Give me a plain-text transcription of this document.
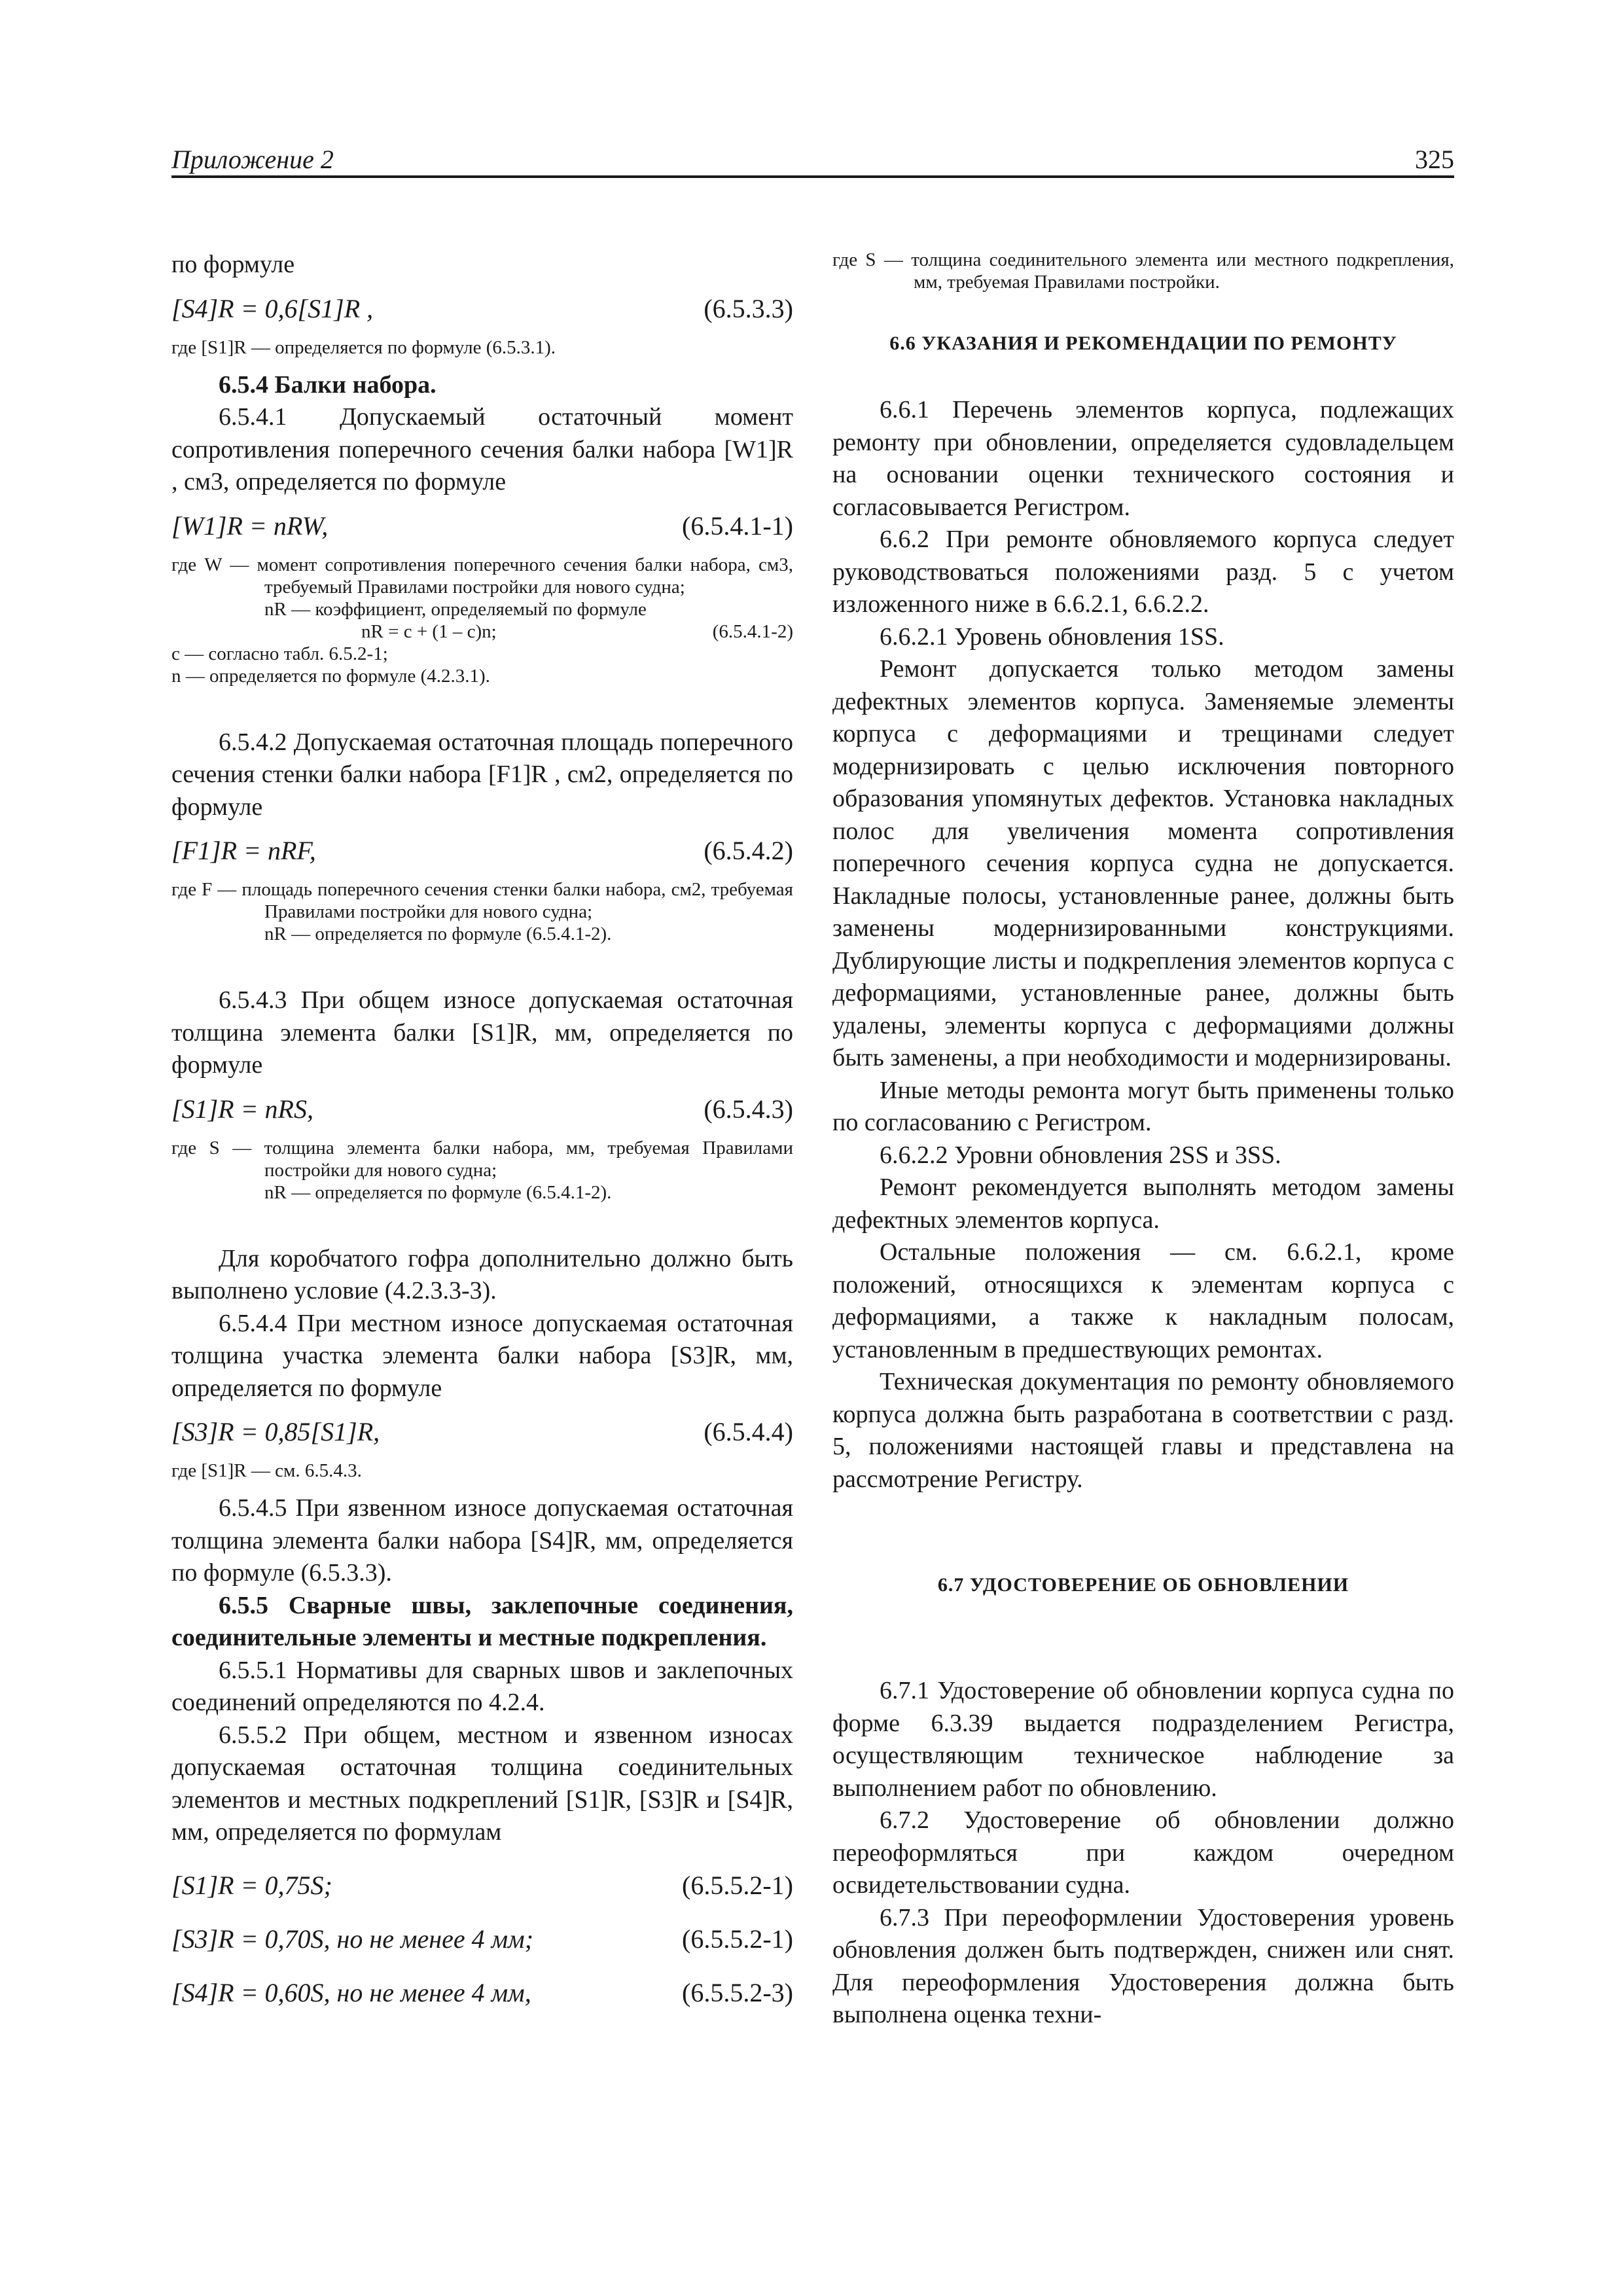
Приложение 2	325

по формуле

[S4]R = 0,6[S1]R ,	(6.5.3.3)

где [S1]R — определяется по формуле (6.5.3.1).

6.5.4 Балки набора.

6.5.4.1 Допускаемый остаточный момент сопротивления поперечного сечения балки набора [W1]R , см3, определяется по формуле

[W1]R = nRW,	(6.5.4.1-1)

где W — момент сопротивления поперечного сечения балки набора, см3, требуемый Правилами постройки для нового судна;

nR — коэффициент, определяемый по формуле

nR = c + (1 – c)n;	(6.5.4.1-2)

c — согласно табл. 6.5.2-1;

n — определяется по формуле (4.2.3.1).

6.5.4.2 Допускаемая остаточная площадь поперечного сечения стенки балки набора [F1]R , см2, определяется по формуле

[F1]R = nRF,	(6.5.4.2)

где F — площадь поперечного сечения стенки балки набора, см2, требуемая Правилами постройки для нового судна;

nR — определяется по формуле (6.5.4.1-2).

6.5.4.3 При общем износе допускаемая остаточная толщина элемента балки [S1]R, мм, определяется по формуле

[S1]R = nRS,	(6.5.4.3)

где S — толщина элемента балки набора, мм, требуемая Правилами постройки для нового судна;

nR — определяется по формуле (6.5.4.1-2).

Для коробчатого гофра дополнительно должно быть выполнено условие (4.2.3.3-3).

6.5.4.4 При местном износе допускаемая остаточная толщина участка элемента балки набора [S3]R, мм, определяется по формуле

[S3]R = 0,85[S1]R,	(6.5.4.4)

где [S1]R — см. 6.5.4.3.

6.5.4.5 При язвенном износе допускаемая остаточная толщина элемента балки набора [S4]R, мм, определяется по формуле (6.5.3.3).

6.5.5 Сварные швы, заклепочные соединения, соединительные элементы и местные подкрепления.

6.5.5.1 Нормативы для сварных швов и заклепочных соединений определяются по 4.2.4.

6.5.5.2 При общем, местном и язвенном износах допускаемая остаточная толщина соединительных элементов и местных подкреплений [S1]R, [S3]R и [S4]R, мм, определяется по формулам

[S1]R = 0,75S;	(6.5.5.2-1)
[S3]R = 0,70S, но не менее 4 мм;	(6.5.5.2-1)
[S4]R = 0,60S, но не менее 4 мм,	(6.5.5.2-3)

где S — толщина соединительного элемента или местного подкрепления, мм, требуемая Правилами постройки.

6.6 УКАЗАНИЯ И РЕКОМЕНДАЦИИ ПО РЕМОНТУ

6.6.1 Перечень элементов корпуса, подлежащих ремонту при обновлении, определяется судовладельцем на основании оценки технического состояния и согласовывается Регистром.

6.6.2 При ремонте обновляемого корпуса следует руководствоваться положениями разд. 5 с учетом изложенного ниже в 6.6.2.1, 6.6.2.2.

6.6.2.1 Уровень обновления 1SS.

Ремонт допускается только методом замены дефектных элементов корпуса. Заменяемые элементы корпуса с деформациями и трещинами следует модернизировать с целью исключения повторного образования упомянутых дефектов. Установка накладных полос для увеличения момента сопротивления поперечного сечения корпуса судна не допускается. Накладные полосы, установленные ранее, должны быть заменены модернизированными конструкциями. Дублирующие листы и подкрепления элементов корпуса с деформациями, установленные ранее, должны быть удалены, элементы корпуса с деформациями должны быть заменены, а при необходимости и модернизированы.

Иные методы ремонта могут быть применены только по согласованию с Регистром.

6.6.2.2 Уровни обновления 2SS и 3SS.

Ремонт рекомендуется выполнять методом замены дефектных элементов корпуса.

Остальные положения — см. 6.6.2.1, кроме положений, относящихся к элементам корпуса с деформациями, а также к накладным полосам, установленным в предшествующих ремонтах.

Техническая документация по ремонту обновляемого корпуса должна быть разработана в соответствии с разд. 5, положениями настоящей главы и представлена на рассмотрение Регистру.

6.7 УДОСТОВЕРЕНИЕ ОБ ОБНОВЛЕНИИ

6.7.1 Удостоверение об обновлении корпуса судна по форме 6.3.39 выдается подразделением Регистра, осуществляющим техническое наблюдение за выполнением работ по обновлению.

6.7.2 Удостоверение об обновлении должно переоформляться при каждом очередном освидетельствовании судна.

6.7.3 При переоформлении Удостоверения уровень обновления должен быть подтвержден, снижен или снят. Для переоформления Удостоверения должна быть выполнена оценка техни-
